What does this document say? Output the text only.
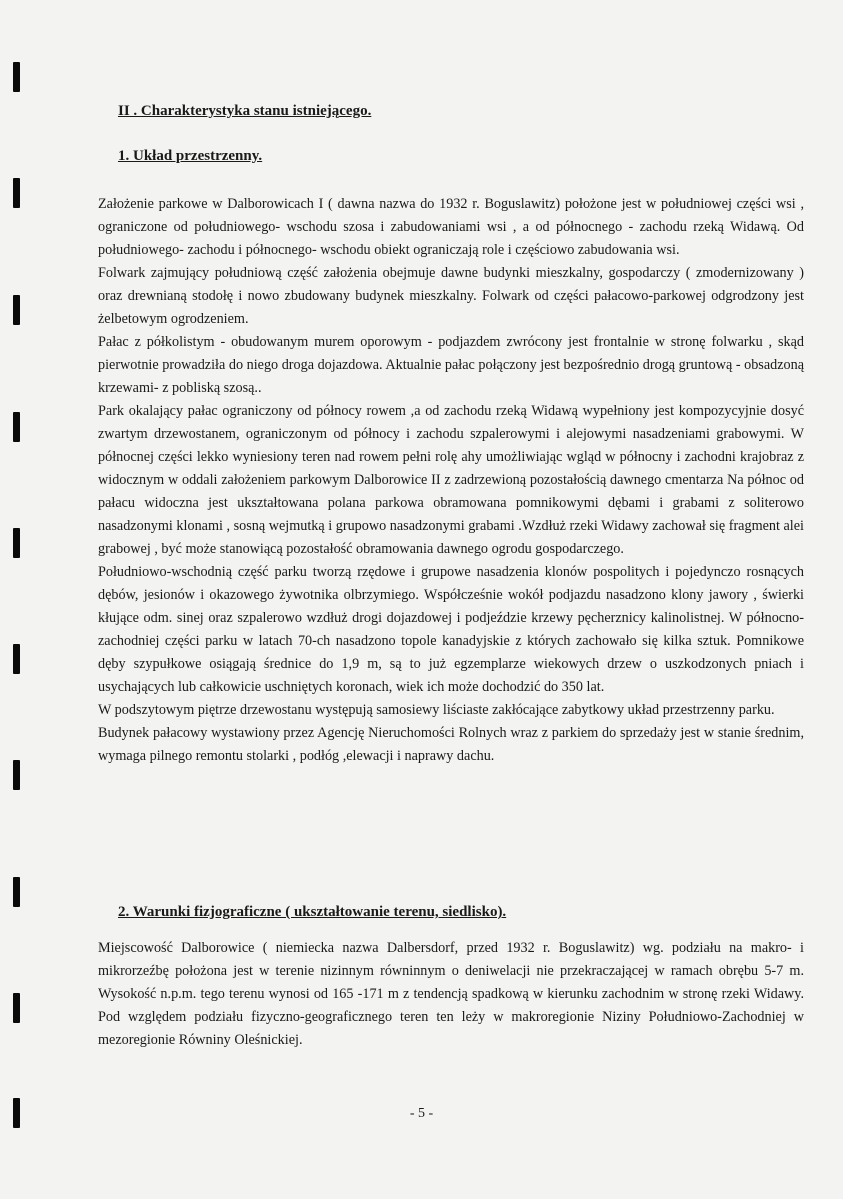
II . Charakterystyka stanu istniejącego.
1. Układ przestrzenny.

Założenie parkowe w Dalborowicach I ( dawna nazwa do 1932 r. Boguslawitz) położone jest w południowej części wsi , ograniczone od południowego- wschodu szosa i zabudowaniami wsi , a od północnego - zachodu rzeką Widawą. Od południowego- zachodu i północnego- wschodu obiekt ograniczają role i częściowo zabudowania wsi.

Folwark zajmujący południową część założenia obejmuje dawne budynki mieszkalny, gospodarczy ( zmodernizowany ) oraz drewnianą stodołę i nowo zbudowany budynek mieszkalny. Folwark od części pałacowo-parkowej odgrodzony jest żelbetowym ogrodzeniem.

Pałac z półkolistym - obudowanym murem oporowym - podjazdem zwrócony jest frontalnie w stronę folwarku , skąd pierwotnie prowadziła do niego droga dojazdowa. Aktualnie pałac połączony jest bezpośrednio drogą gruntową - obsadzoną krzewami- z pobliską szosą..

Park okalający pałac ograniczony od północy rowem ,a od zachodu rzeką Widawą wypełniony jest kompozycyjnie dosyć zwartym drzewostanem, ograniczonym od północy i zachodu szpalerowymi i alejowymi nasadzeniami grabowymi. W północnej części lekko wyniesiony teren nad rowem pełni rolę ahy umożliwiając wgląd w północny i zachodni krajobraz z widocznym w oddali założeniem parkowym Dalborowice II z zadrzewioną pozostałością dawnego cmentarza Na północ od pałacu widoczna jest ukształtowana polana parkowa obramowana pomnikowymi dębami i grabami z soliterowo nasadzonymi klonami , sosną wejmutką i grupowo nasadzonymi grabami .Wzdłuż rzeki Widawy zachował się fragment alei grabowej , być może stanowiącą pozostałość obramowania dawnego ogrodu gospodarczego.

Południowo-wschodnią część parku tworzą rzędowe i grupowe nasadzenia klonów pospolitych i pojedynczo rosnących dębów, jesionów i okazowego żywotnika olbrzymiego. Współcześnie wokół podjazdu nasadzono klony jawory , świerki kłujące odm. sinej oraz szpalerowo wzdłuż drogi dojazdowej i podjeździe krzewy pęcherznicy kalinolistnej. W północno-zachodniej części parku w latach 70-ch nasadzono topole kanadyjskie z których zachowało się kilka sztuk. Pomnikowe dęby szypułkowe osiągają średnice do 1,9 m, są to już egzemplarze wiekowych drzew o uszkodzonych pniach i usychających lub całkowicie uschniętych koronach, wiek ich może dochodzić do 350 lat.

W podszytowym piętrze drzewostanu występują samosiewy liściaste zakłócające zabytkowy układ przestrzenny parku.

Budynek pałacowy wystawiony przez Agencję Nieruchomości Rolnych wraz z parkiem do sprzedaży jest w stanie średnim, wymaga pilnego remontu stolarki , podłóg ,elewacji i naprawy dachu.

2. Warunki fizjograficzne ( ukształtowanie terenu, siedlisko).

Miejscowość Dalborowice ( niemiecka nazwa Dalbersdorf, przed 1932 r. Boguslawitz) wg. podziału na makro- i mikrorzeźbę położona jest w terenie nizinnym równinnym o deniwelacji nie przekraczającej w ramach obrębu 5-7 m. Wysokość n.p.m. tego terenu wynosi od 165 -171 m z tendencją spadkową w kierunku zachodnim w stronę rzeki Widawy. Pod względem podziału fizyczno-geograficznego teren ten leży w makroregionie Niziny Południowo-Zachodniej w mezoregionie Równiny Oleśnickiej.

- 5 -
